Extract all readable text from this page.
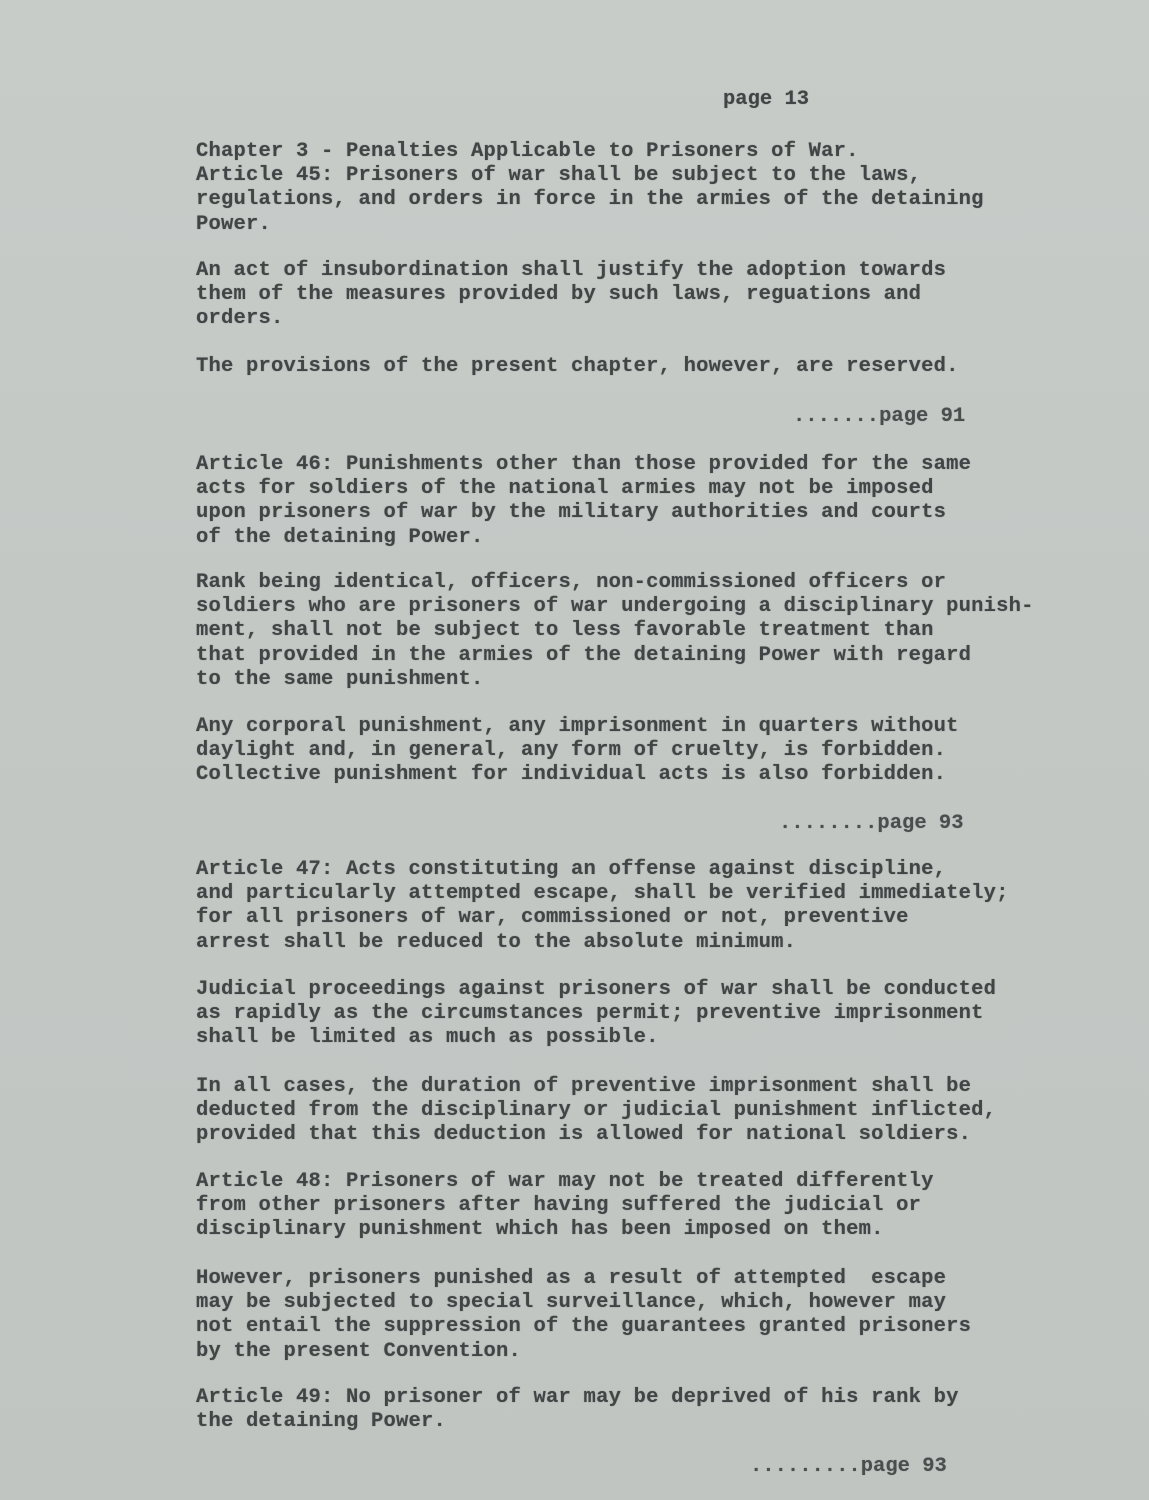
page 13

Chapter 3 - Penalties Applicable to Prisoners of War.
Article 45: Prisoners of war shall be subject to the laws,
regulations, and orders in force in the armies of the detaining
Power.

An act of insubordination shall justify the adoption towards
them of the measures provided by such laws, reguations and
orders.

The provisions of the present chapter, however, are reserved.

.......page 91

Article 46: Punishments other than those provided for the same
acts for soldiers of the national armies may not be imposed
upon prisoners of war by the military authorities and courts
of the detaining Power.

Rank being identical, officers, non-commissioned officers or
soldiers who are prisoners of war undergoing a disciplinary punish-
ment, shall not be subject to less favorable treatment than
that provided in the armies of the detaining Power with regard
to the same punishment.

Any corporal punishment, any imprisonment in quarters without
daylight and, in general, any form of cruelty, is forbidden.
Collective punishment for individual acts is also forbidden.

........page 93

Article 47: Acts constituting an offense against discipline,
and particularly attempted escape, shall be verified immediately;
for all prisoners of war, commissioned or not, preventive
arrest shall be reduced to the absolute minimum.

Judicial proceedings against prisoners of war shall be conducted
as rapidly as the circumstances permit; preventive imprisonment
shall be limited as much as possible.

In all cases, the duration of preventive imprisonment shall be
deducted from the disciplinary or judicial punishment inflicted,
provided that this deduction is allowed for national soldiers.

Article 48: Prisoners of war may not be treated differently
from other prisoners after having suffered the judicial or
disciplinary punishment which has been imposed on them.

However, prisoners punished as a result of attempted  escape
may be subjected to special surveillance, which, however may
not entail the suppression of the guarantees granted prisoners
by the present Convention.

Article 49: No prisoner of war may be deprived of his rank by
the detaining Power.

.........page 93
